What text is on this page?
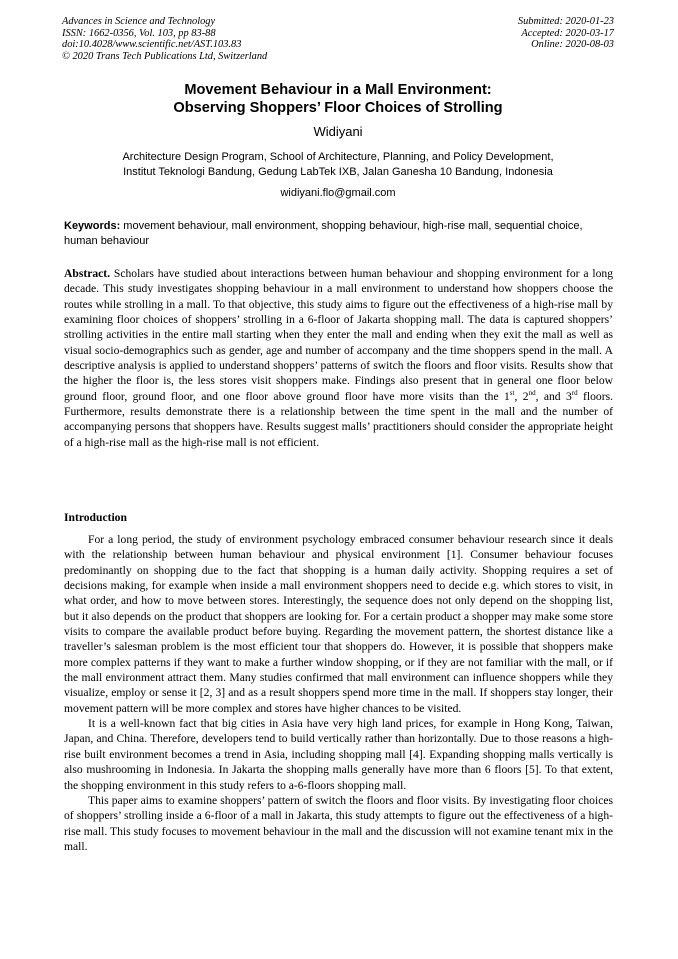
Advances in Science and Technology
ISSN: 1662-0356, Vol. 103, pp 83-88
doi:10.4028/www.scientific.net/AST.103.83
© 2020 Trans Tech Publications Ltd, Switzerland
Submitted: 2020-01-23
Accepted: 2020-03-17
Online: 2020-08-03
Movement Behaviour in a Mall Environment:
Observing Shoppers’ Floor Choices of Strolling
Widiyani
Architecture Design Program, School of Architecture, Planning, and Policy Development,
Institut Teknologi Bandung, Gedung LabTek IXB, Jalan Ganesha 10 Bandung, Indonesia
widiyani.flo@gmail.com
Keywords: movement behaviour, mall environment, shopping behaviour, high-rise mall, sequential choice, human behaviour
Abstract. Scholars have studied about interactions between human behaviour and shopping environment for a long decade. This study investigates shopping behaviour in a mall environment to understand how shoppers choose the routes while strolling in a mall. To that objective, this study aims to figure out the effectiveness of a high-rise mall by examining floor choices of shoppers’ strolling in a 6-floor of Jakarta shopping mall. The data is captured shoppers’ strolling activities in the entire mall starting when they enter the mall and ending when they exit the mall as well as visual socio-demographics such as gender, age and number of accompany and the time shoppers spend in the mall. A descriptive analysis is applied to understand shoppers’ patterns of switch the floors and floor visits. Results show that the higher the floor is, the less stores visit shoppers make. Findings also present that in general one floor below ground floor, ground floor, and one floor above ground floor have more visits than the 1st, 2nd, and 3rd floors. Furthermore, results demonstrate there is a relationship between the time spent in the mall and the number of accompanying persons that shoppers have. Results suggest malls’ practitioners should consider the appropriate height of a high-rise mall as the high-rise mall is not efficient.
Introduction

For a long period, the study of environment psychology embraced consumer behaviour research since it deals with the relationship between human behaviour and physical environment [1]. Consumer behaviour focuses predominantly on shopping due to the fact that shopping is a human daily activity. Shopping requires a set of decisions making, for example when inside a mall environment shoppers need to decide e.g. which stores to visit, in what order, and how to move between stores. Interestingly, the sequence does not only depend on the shopping list, but it also depends on the product that shoppers are looking for. For a certain product a shopper may make some store visits to compare the available product before buying. Regarding the movement pattern, the shortest distance like a traveller’s salesman problem is the most efficient tour that shoppers do. However, it is possible that shoppers make more complex patterns if they want to make a further window shopping, or if they are not familiar with the mall, or if the mall environment attract them. Many studies confirmed that mall environment can influence shoppers while they visualize, employ or sense it [2, 3] and as a result shoppers spend more time in the mall. If shoppers stay longer, their movement pattern will be more complex and stores have higher chances to be visited.

It is a well-known fact that big cities in Asia have very high land prices, for example in Hong Kong, Taiwan, Japan, and China. Therefore, developers tend to build vertically rather than horizontally. Due to those reasons a high-rise built environment becomes a trend in Asia, including shopping mall [4]. Expanding shopping malls vertically is also mushrooming in Indonesia. In Jakarta the shopping malls generally have more than 6 floors [5]. To that extent, the shopping environment in this study refers to a-6-floors shopping mall.

This paper aims to examine shoppers’ pattern of switch the floors and floor visits. By investigating floor choices of shoppers’ strolling inside a 6-floor of a mall in Jakarta, this study attempts to figure out the effectiveness of a high-rise mall. This study focuses to movement behaviour in the mall and the discussion will not examine tenant mix in the mall.
